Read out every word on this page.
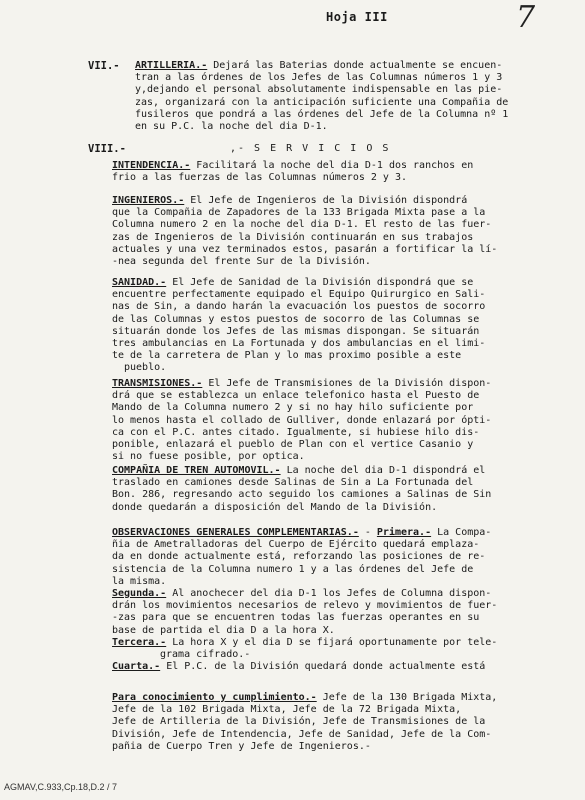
Hoja III	7
VII.- ARTILLERIA.- Dejará las Baterias donde actualmente se encuen-
tran a las órdenes de los Jefes de las Columnas números 1 y 3
y,dejando el personal absolutamente indispensable en las pie-
zas, organizará con la anticipación suficiente una Compañia de
fusileros que pondrá a las órdenes del Jefe de la Columna nº 1
en su P.C. la noche del dia D-1.
VIII.-	,- S E R V I C I O S
INTENDENCIA.- Facilitará la noche del dia D-1 dos ranchos en
frio a las fuerzas de las Columnas números 2 y 3.
INGENIEROS.- El Jefe de Ingenieros de la División dispondrá
que la Compañia de Zapadores de la 133 Brigada Mixta pase a la
Columna numero 2 en la noche del dia D-1. El resto de las fuer-
zas de Ingenieros de la División continuarán en sus trabajos
actuales y una vez terminados estos, pasarán a fortificar la lí-
-nea segunda del frente Sur de la División.
SANIDAD.- El Jefe de Sanidad de la División dispondrá que se
encuentre perfectamente equipado el Equipo Quirurgico en Sali-
nas de Sin, a dando harán la evacuación los puestos de socorro
de las Columnas y estos puestos de socorro de las Columnas se
situarán donde los Jefes de las mismas dispongan. Se situarán
tres ambulancias en La Fortunada y dos ambulancias en el limi-
te de la carretera de Plan y lo mas proximo posible a este
pueblo.
TRANSMISIONES.- El Jefe de Transmisiones de la División dispon-
drá que se establezca un enlace telefonico hasta el Puesto de
Mando de la Columna numero 2 y si no hay hilo suficiente por
lo menos hasta el collado de Gulliver, donde enlazará por ópti-
ca con el P.C. antes citado. Igualmente, si hubiese hilo dis-
ponible, enlazará el pueblo de Plan con el vertice Casanio y
si no fuese posible, por optica.
COMPAÑIA DE TREN AUTOMOVIL.- La noche del dia D-1 dispondrá el
traslado en camiones desde Salinas de Sin a La Fortunada del
Bon. 286, regresando acto seguido los camiones a Salinas de Sin
donde quedarán a disposición del Mando de la División.
OBSERVACIONES GENERALES COMPLEMENTARIAS.- - Primera.- La Compa-
ñia de Ametralladoras del Cuerpo de Ejército quedará emplaza-
da en donde actualmente está, reforzando las posiciones de re-
sistencia de la Columna numero 1 y a las órdenes del Jefe de
la misma.
Segunda.- Al anochecer del dia D-1 los Jefes de Columna dispon-
drán los movimientos necesarios de relevo y movimientos de fuer-
-zas para que se encuentren todas las fuerzas operantes en su
base de partida el dia D a la hora X.
Tercera.- La hora X y el dia D se fijará oportunamente por tele-
grama cifrado.-
Cuarta.- El P.C. de la División quedará donde actualmente está
Para conocimiento y cumplimiento.- Jefe de la 130 Brigada Mixta,
Jefe de la 102 Brigada Mixta, Jefe de la 72 Brigada Mixta,
Jefe de Artilleria de la División, Jefe de Transmisiones de la
División, Jefe de Intendencia, Jefe de Sanidad, Jefe de la Com-
pañia de Cuerpo Tren y Jefe de Ingenieros.-
AGMAV,C.933,Cp.18,D.2 / 7
